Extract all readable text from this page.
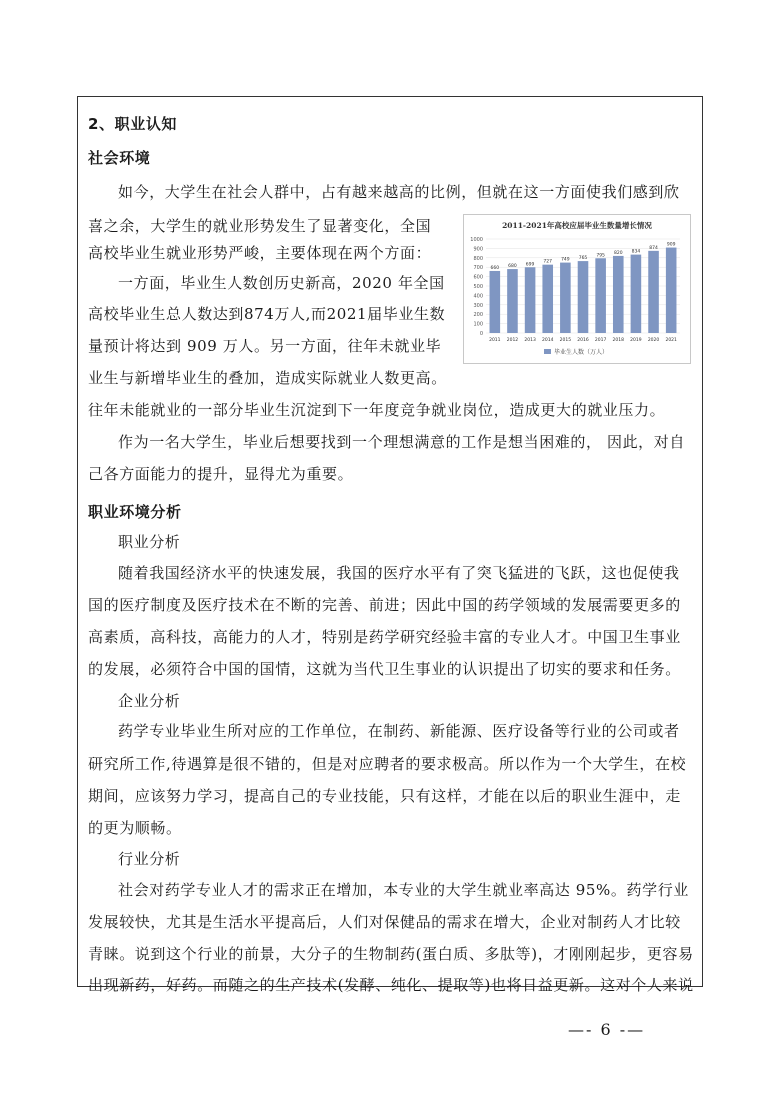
2、职业认知
社会环境
如今，大学生在社会人群中，占有越来越高的比例，但就在这一方面使我们感到欣
喜之余，大学生的就业形势发生了显著变化，全国
高校毕业生就业形势严峻，主要体现在两个方面：
一方面，毕业生人数创历史新高，2020 年全国
高校毕业生总人数达到874万人,而2021届毕业生数
量预计将达到 909 万人。另一方面，往年未就业毕
业生与新增毕业生的叠加，造成实际就业人数更高。
往年未能就业的一部分毕业生沉淀到下一年度竞争就业岗位，造成更大的就业压力。
作为一名大学生，毕业后想要找到一个理想满意的工作是想当困难的， 因此，对自
己各方面能力的提升，显得尤为重要。
2011-2021年高校应届毕业生数量增长情况
0
100
200
300
400
500
600
700
800
900
1000
660
2011
680
2012
699
2013
727
2014
749
2015
765
2016
795
2017
820
2018
834
2019
874
2020
909
2021
毕业生人数（万人）
职业环境分析
职业分析
随着我国经济水平的快速发展，我国的医疗水平有了突飞猛进的飞跃，这也促使我
国的医疗制度及医疗技术在不断的完善、前进；因此中国的药学领域的发展需要更多的
高素质，高科技，高能力的人才，特别是药学研究经验丰富的专业人才。中国卫生事业
的发展，必须符合中国的国情，这就为当代卫生事业的认识提出了切实的要求和任务。
企业分析
药学专业毕业生所对应的工作单位，在制药、新能源、医疗设备等行业的公司或者
研究所工作,待遇算是很不错的，但是对应聘者的要求极高。所以作为一个大学生，在校
期间，应该努力学习，提高自己的专业技能，只有这样，才能在以后的职业生涯中，走
的更为顺畅。
行业分析
社会对药学专业人才的需求正在增加，本专业的大学生就业率高达 95%。药学行业
发展较快，尤其是生活水平提高后，人们对保健品的需求在增大，企业对制药人才比较
青睐。说到这个行业的前景，大分子的生物制药(蛋白质、多肽等)，才刚刚起步，更容易
出现新药，好药。而随之的生产技术(发酵、纯化、提取等)也将日益更新。这对个人来说
—- 6 -—
